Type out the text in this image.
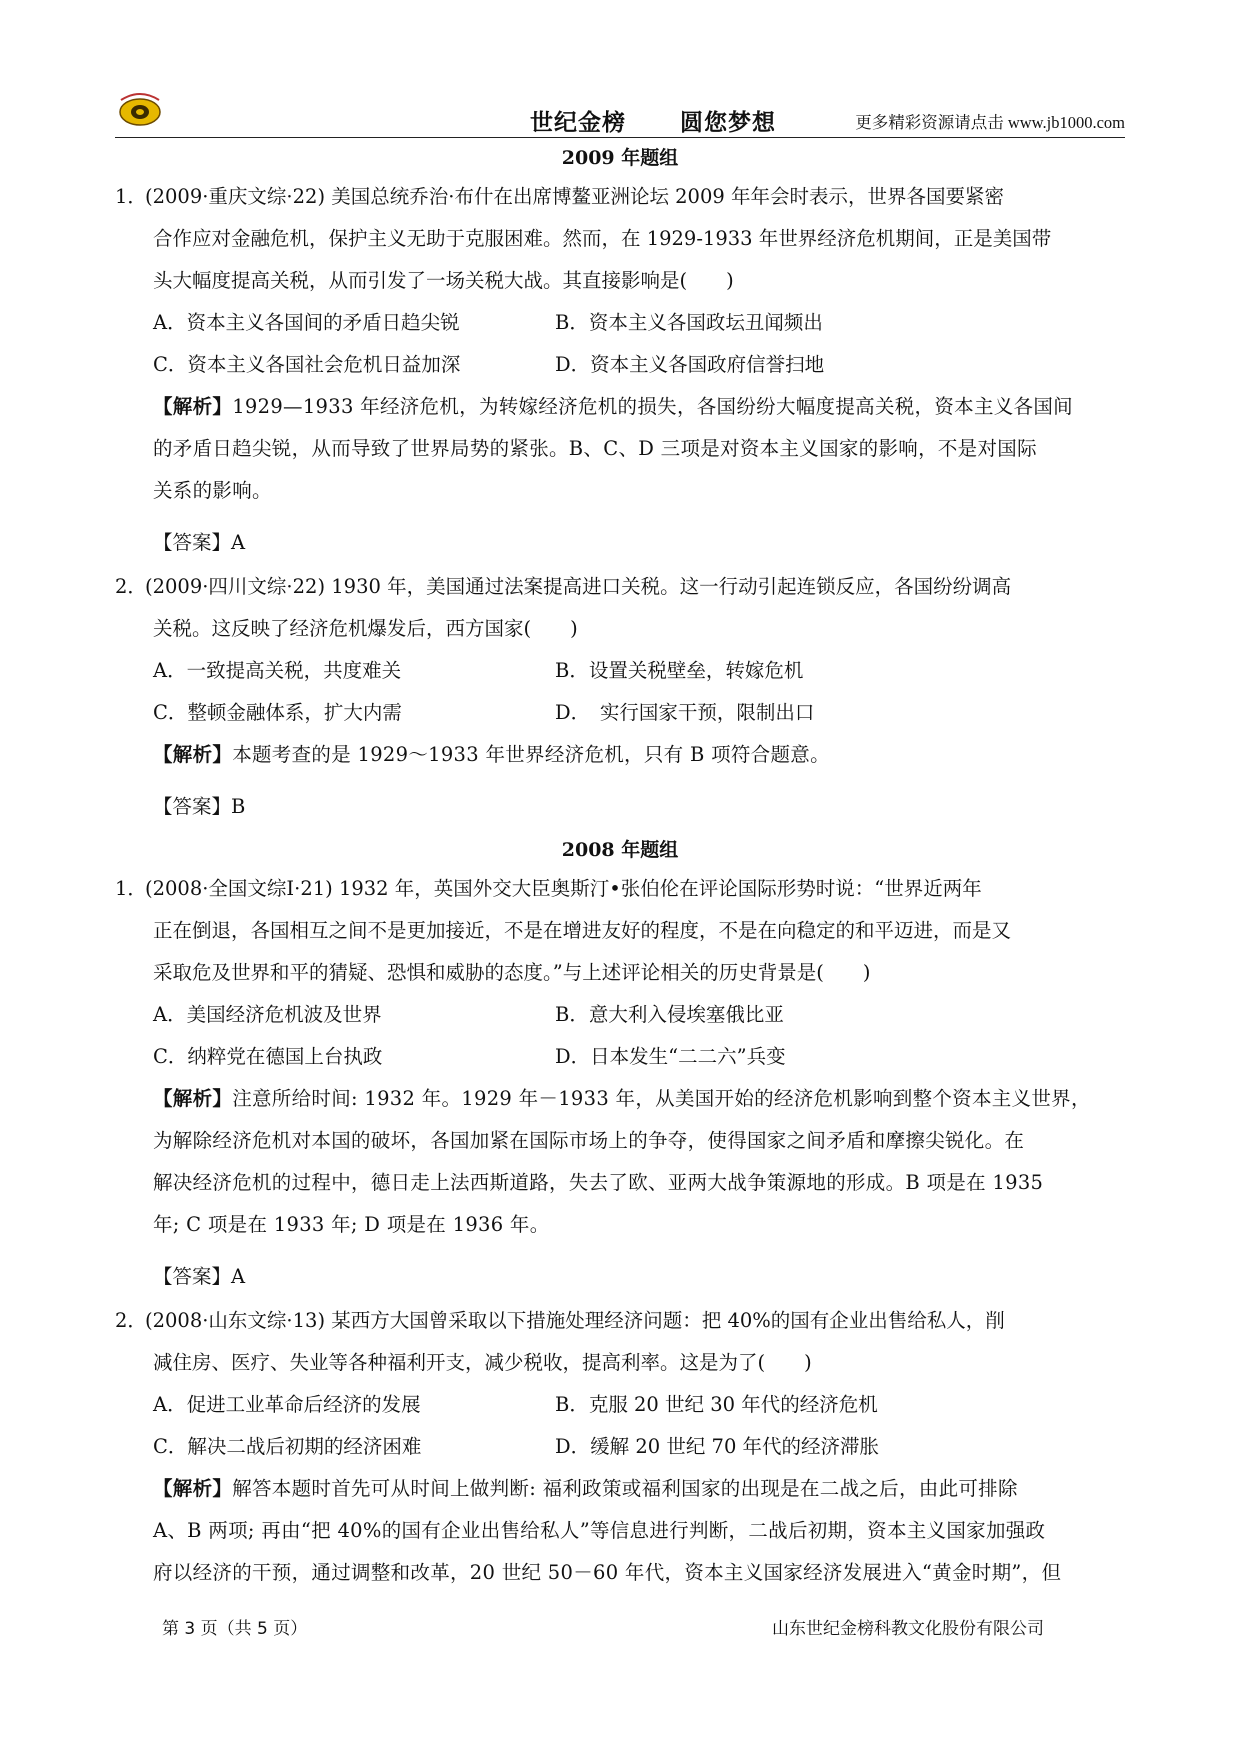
世纪金榜 圆您梦想	更多精彩资源请点击 www.jb1000.com
2009 年题组
1．(2009·重庆文综·22) 美国总统乔治·布什在出席博鳌亚洲论坛 2009 年年会时表示，世界各国要紧密
合作应对金融危机，保护主义无助于克服困难。然而，在 1929-1933 年世界经济危机期间，正是美国带
头大幅度提高关税，从而引发了一场关税大战。其直接影响是(　　)
A．资本主义各国间的矛盾日趋尖锐	B．资本主义各国政坛丑闻频出
C．资本主义各国社会危机日益加深	D．资本主义各国政府信誉扫地
【解析】1929—1933 年经济危机，为转嫁经济危机的损失，各国纷纷大幅度提高关税，资本主义各国间
的矛盾日趋尖锐，从而导致了世界局势的紧张。B、C、D 三项是对资本主义国家的影响，不是对国际
关系的影响。
【答案】A
2．(2009·四川文综·22) 1930 年，美国通过法案提高进口关税。这一行动引起连锁反应，各国纷纷调高
关税。这反映了经济危机爆发后，西方国家(　　)
A．一致提高关税，共度难关	B．设置关税壁垒，转嫁危机
C．整顿金融体系，扩大内需	D．　实行国家干预，限制出口
【解析】本题考查的是 1929～1933 年世界经济危机，只有 B 项符合题意。
【答案】B
2008 年题组
1．(2008·全国文综Ⅰ·21) 1932 年，英国外交大臣奥斯汀•张伯伦在评论国际形势时说：“世界近两年
正在倒退，各国相互之间不是更加接近，不是在增进友好的程度，不是在向稳定的和平迈进，而是又
采取危及世界和平的猜疑、恐惧和威胁的态度。”与上述评论相关的历史背景是(　　)
A．美国经济危机波及世界	B．意大利入侵埃塞俄比亚
C．纳粹党在德国上台执政	D．日本发生“二二六”兵变
【解析】注意所给时间: 1932 年。1929 年－1933 年，从美国开始的经济危机影响到整个资本主义世界，
为解除经济危机对本国的破坏，各国加紧在国际市场上的争夺，使得国家之间矛盾和摩擦尖锐化。在
解决经济危机的过程中，德日走上法西斯道路，失去了欧、亚两大战争策源地的形成。B 项是在 1935
年; C 项是在 1933 年; D 项是在 1936 年。
【答案】A
2．(2008·山东文综·13) 某西方大国曾采取以下措施处理经济问题：把 40%的国有企业出售给私人，削
减住房、医疗、失业等各种福利开支，减少税收，提高利率。这是为了(　　)
A．促进工业革命后经济的发展	B．克服 20 世纪 30 年代的经济危机
C．解决二战后初期的经济困难	D．缓解 20 世纪 70 年代的经济滞胀
【解析】解答本题时首先可从时间上做判断: 福利政策或福利国家的出现是在二战之后，由此可排除
A、B 两项; 再由“把 40%的国有企业出售给私人”等信息进行判断，二战后初期，资本主义国家加强政
府以经济的干预，通过调整和改革，20 世纪 50－60 年代，资本主义国家经济发展进入“黄金时期”，但
第 3 页（共 5 页）	山东世纪金榜科教文化股份有限公司
